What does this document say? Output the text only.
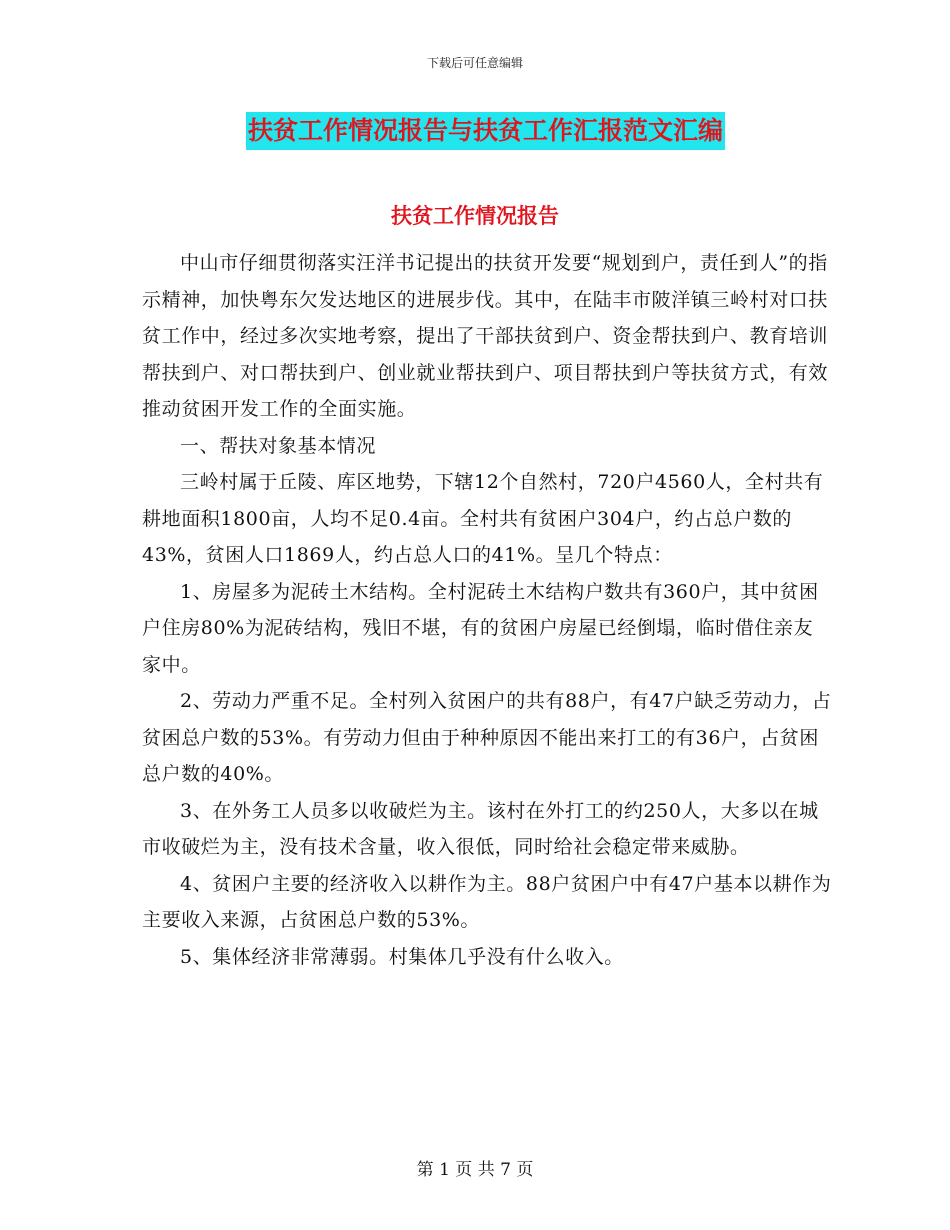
下载后可任意编辑
扶贫工作情况报告与扶贫工作汇报范文汇编
扶贫工作情况报告

中山市仔细贯彻落实汪洋书记提出的扶贫开发要“规划到户，责任到人”的指示精神，加快粤东欠发达地区的进展步伐。其中，在陆丰市陂洋镇三岭村对口扶贫工作中，经过多次实地考察，提出了干部扶贫到户、资金帮扶到户、教育培训帮扶到户、对口帮扶到户、创业就业帮扶到户、项目帮扶到户等扶贫方式，有效推动贫困开发工作的全面实施。

一、帮扶对象基本情况

三岭村属于丘陵、库区地势，下辖12个自然村，720户4560人，全村共有耕地面积1800亩，人均不足0.4亩。全村共有贫困户304户，约占总户数的43%，贫困人口1869人，约占总人口的41%。呈几个特点：

1、房屋多为泥砖土木结构。全村泥砖土木结构户数共有360户，其中贫困户住房80%为泥砖结构，残旧不堪，有的贫困户房屋已经倒塌，临时借住亲友家中。

2、劳动力严重不足。全村列入贫困户的共有88户，有47户缺乏劳动力，占贫困总户数的53%。有劳动力但由于种种原因不能出来打工的有36户，占贫困总户数的40%。

3、在外务工人员多以收破烂为主。该村在外打工的约250人，大多以在城市收破烂为主，没有技术含量，收入很低，同时给社会稳定带来威胁。

4、贫困户主要的经济收入以耕作为主。88户贫困户中有47户基本以耕作为主要收入来源，占贫困总户数的53%。

5、集体经济非常薄弱。村集体几乎没有什么收入。

第 1 页 共 7 页
